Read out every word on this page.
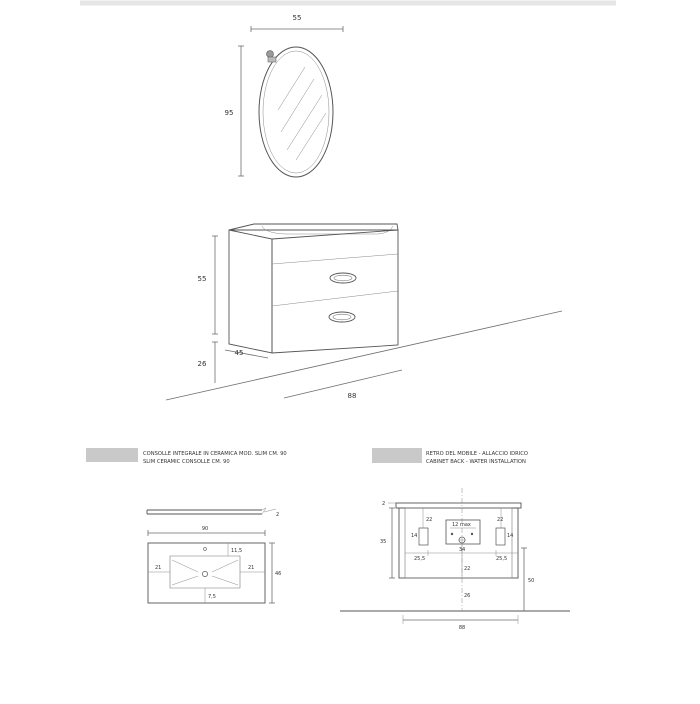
55
95
55
26
45
88
CONSOLLE INTEGRALE IN CERAMICA MOD. SLIM CM. 90
SLIM CERAMIC CONSOLLE CM. 90
2
90
11,5
21	21
7,5
46
RETRO DEL MOBILE - ALLACCIO IDRICO
CABINET BACK - WATER INSTALLATION
2
35
12 max
22	22
14	14
34
25,5	25,5
22
26
50
88
